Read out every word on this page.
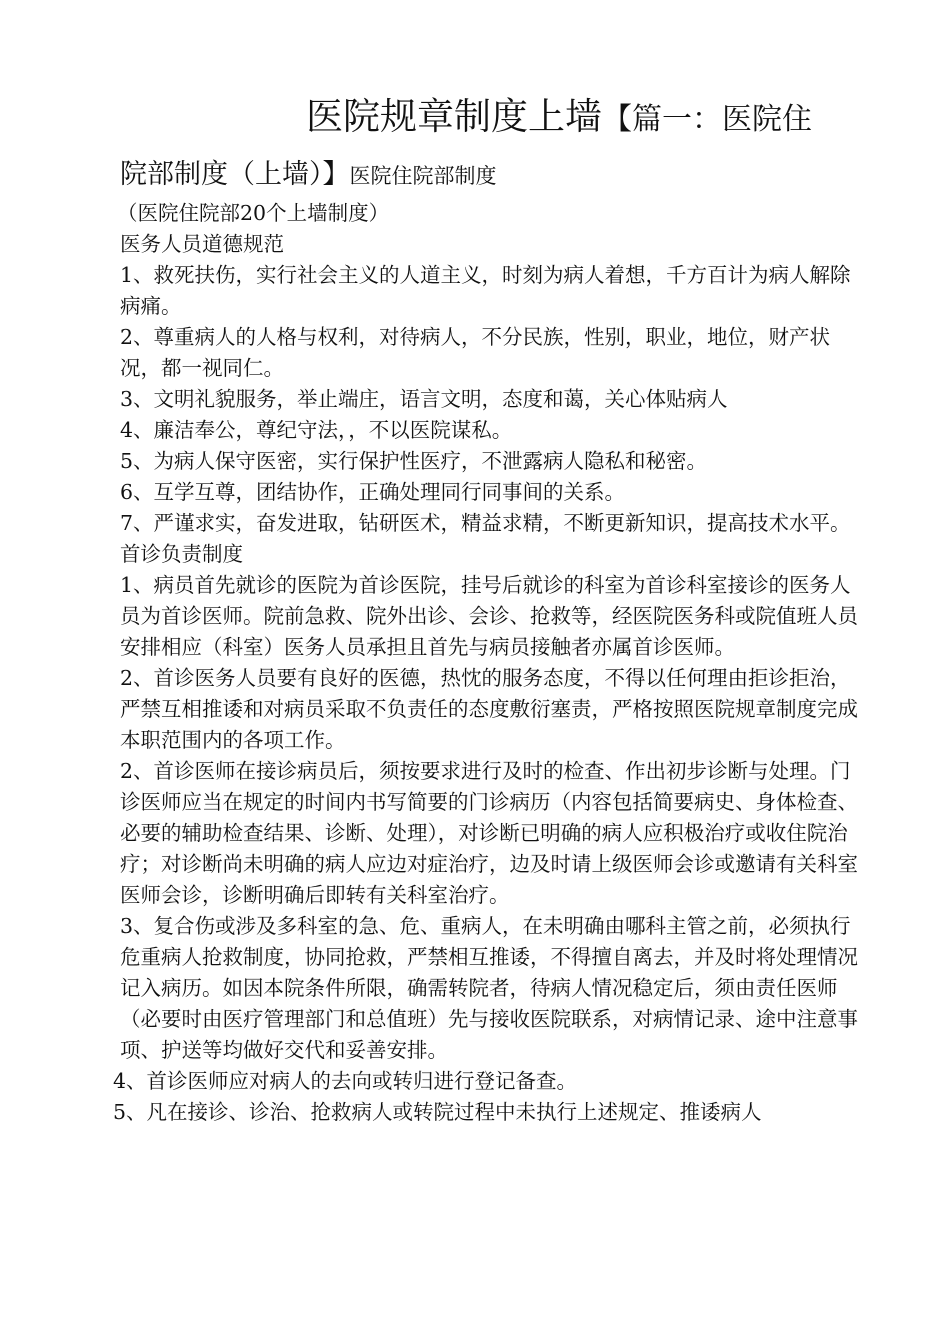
医院规章制度上墙【篇一：医院住
院部制度（上墙）】医院住院部制度

（医院住院部20个上墙制度）

医务人员道德规范

1、救死扶伤，实行社会主义的人道主义，时刻为病人着想，千方百计为病人解除病痛。

2、尊重病人的人格与权利，对待病人，不分民族，性别，职业，地位，财产状况，都一视同仁。

3、文明礼貌服务，举止端庄，语言文明，态度和蔼，关心体贴病人

4、廉洁奉公，尊纪守法，，不以医院谋私。

5、为病人保守医密，实行保护性医疗，不泄露病人隐私和秘密。

6、互学互尊，团结协作，正确处理同行同事间的关系。

7、严谨求实，奋发进取，钻研医术，精益求精，不断更新知识，提高技术水平。

首诊负责制度

1、病员首先就诊的医院为首诊医院，挂号后就诊的科室为首诊科室接诊的医务人员为首诊医师。院前急救、院外出诊、会诊、抢救等，经医院医务科或院值班人员安排相应（科室）医务人员承担且首先与病员接触者亦属首诊医师。

2、首诊医务人员要有良好的医德，热忱的服务态度，不得以任何理由拒诊拒治，严禁互相推诿和对病员采取不负责任的态度敷衍塞责，严格按照医院规章制度完成本职范围内的各项工作。

2、首诊医师在接诊病员后，须按要求进行及时的检查、作出初步诊断与处理。门诊医师应当在规定的时间内书写简要的门诊病历（内容包括简要病史、身体检查、必要的辅助检查结果、诊断、处理），对诊断已明确的病人应积极治疗或收住院治疗；对诊断尚未明确的病人应边对症治疗，边及时请上级医师会诊或邀请有关科室医师会诊，诊断明确后即转有关科室治疗。

3、复合伤或涉及多科室的急、危、重病人，在未明确由哪科主管之前，必须执行危重病人抢救制度，协同抢救，严禁相互推诿，不得擅自离去，并及时将处理情况记入病历。如因本院条件所限，确需转院者，待病人情况稳定后，须由责任医师（必要时由医疗管理部门和总值班）先与接收医院联系，对病情记录、途中注意事项、护送等均做好交代和妥善安排。

4、首诊医师应对病人的去向或转归进行登记备查。

5、凡在接诊、诊治、抢救病人或转院过程中未执行上述规定、推诿病人
